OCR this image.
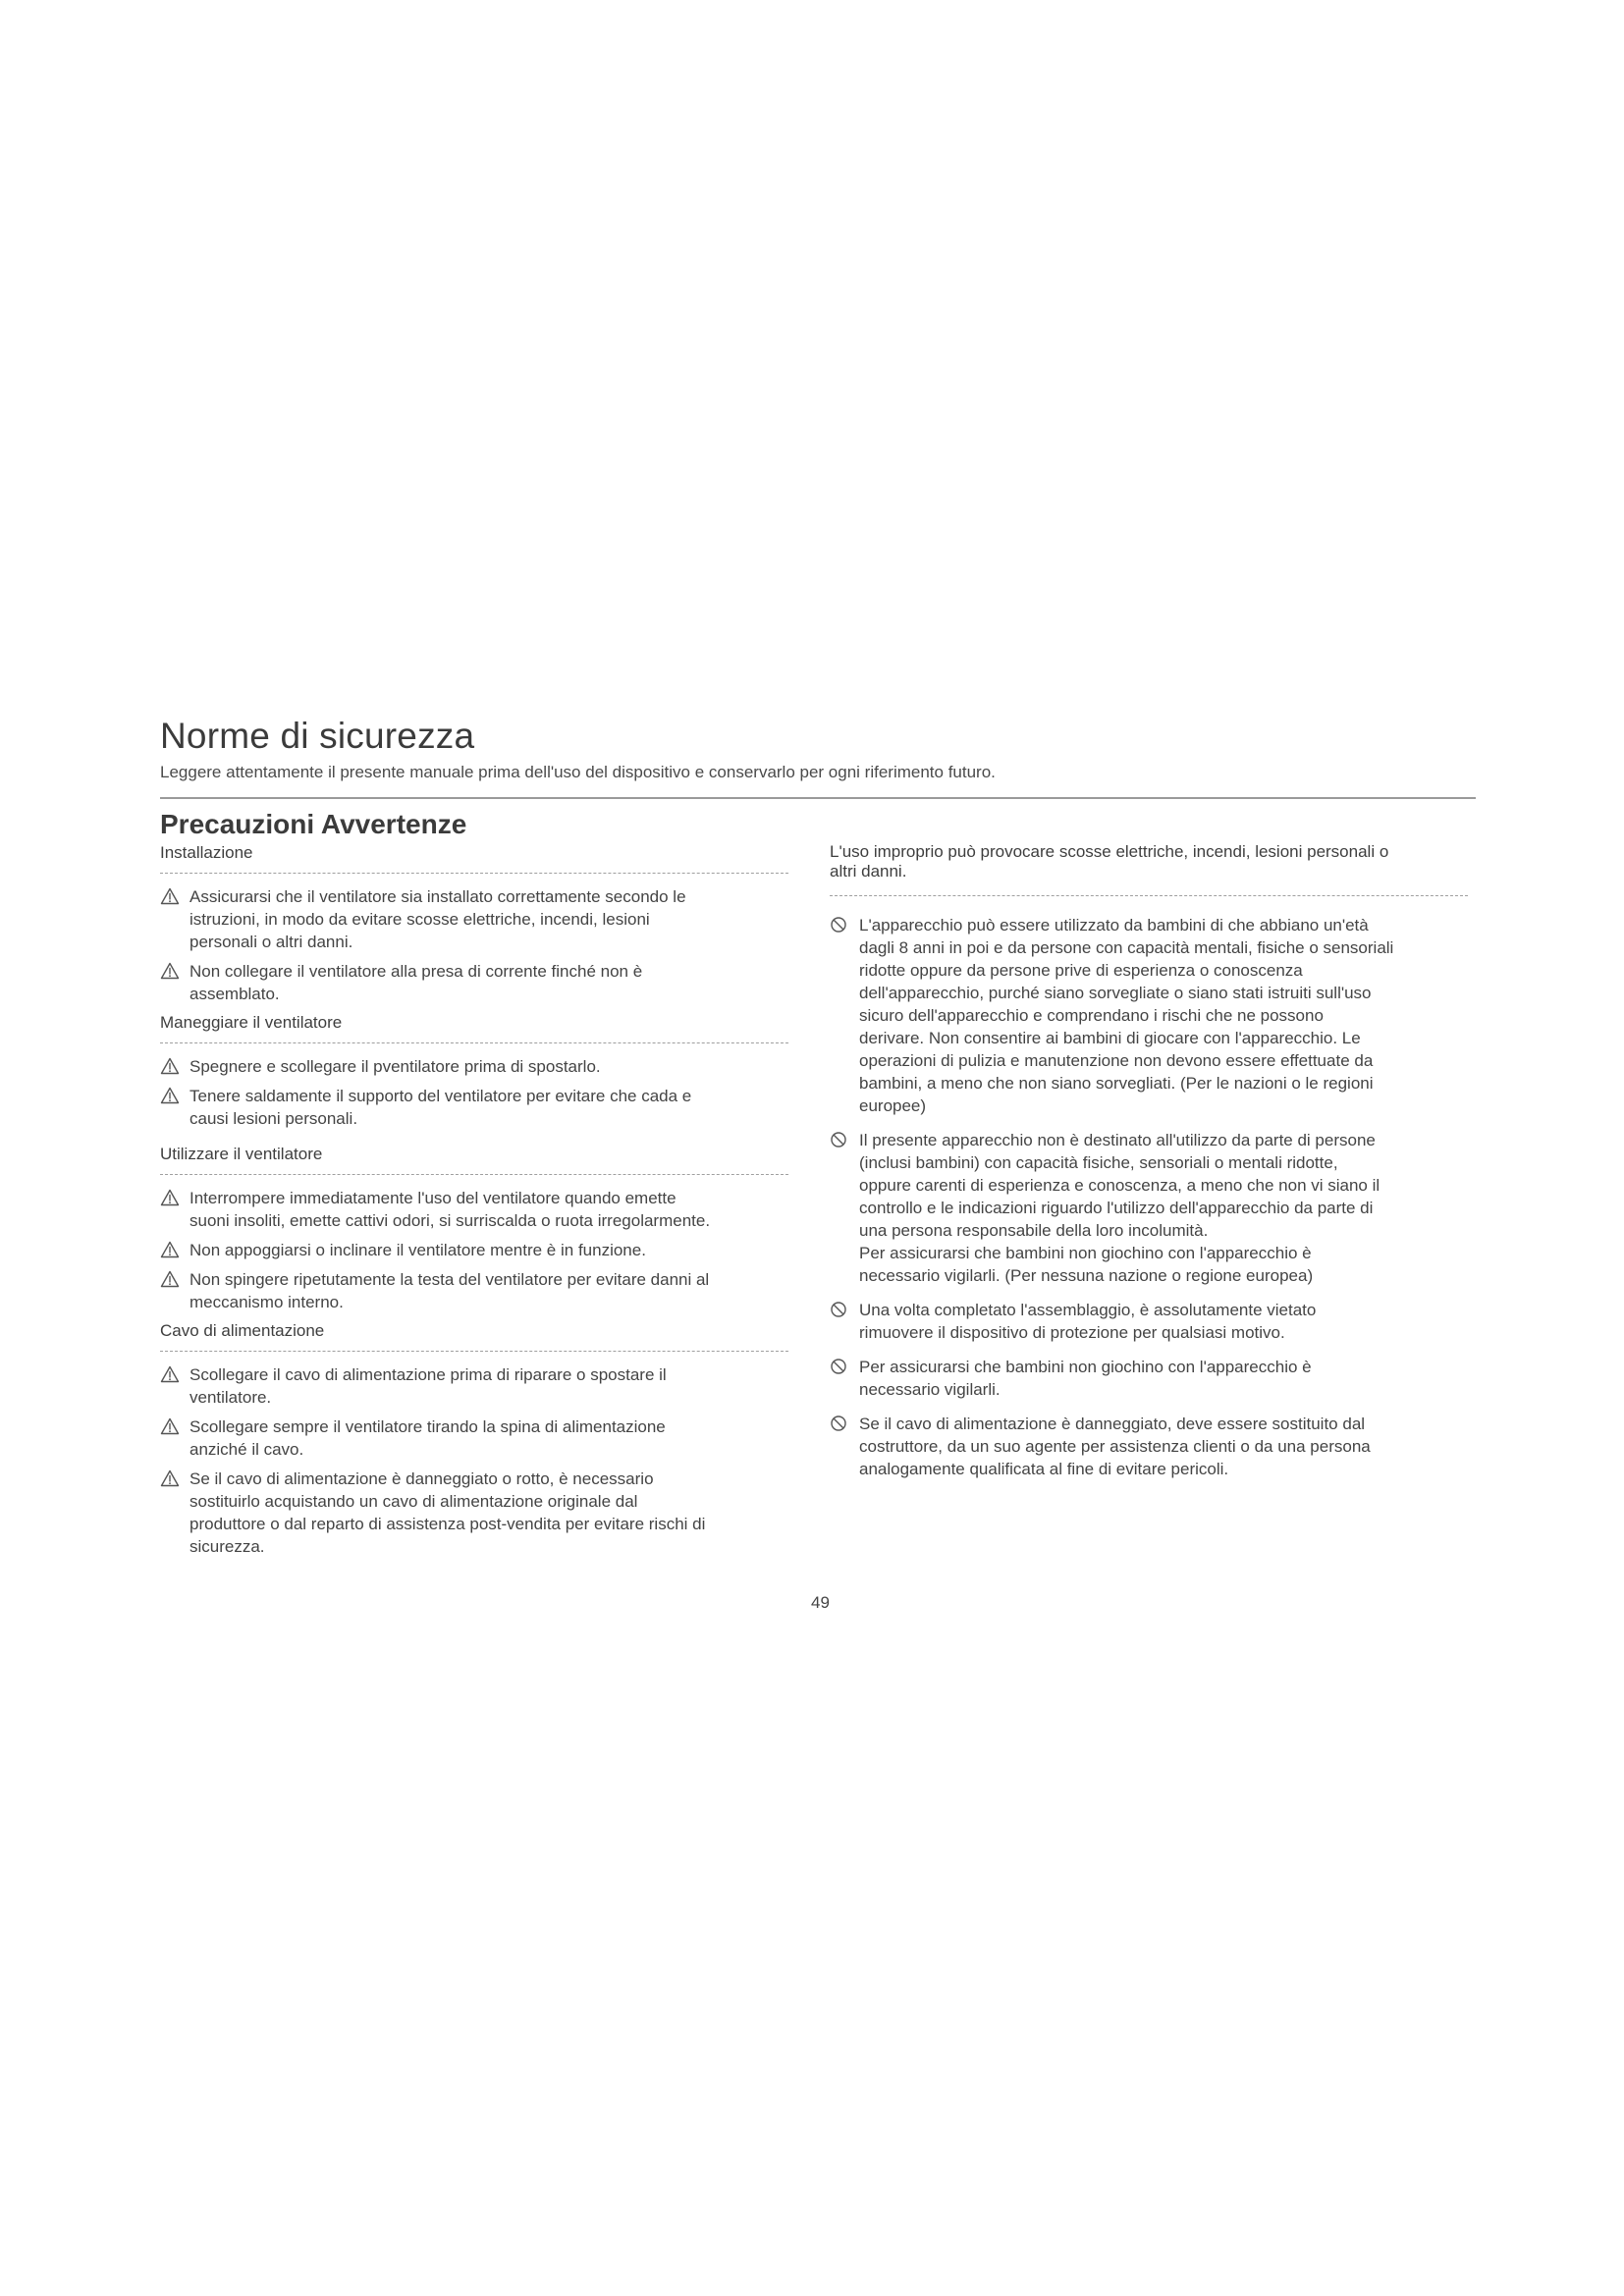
Norme di sicurezza

Leggere attentamente il presente manuale prima dell'uso del dispositivo e conservarlo per ogni riferimento futuro.

Precauzioni Avvertenze

Installazione

Assicurarsi che il ventilatore sia installato correttamente secondo le
istruzioni, in modo da evitare scosse elettriche, incendi, lesioni
personali o altri danni.

Non collegare il ventilatore alla presa di corrente finché non è
assemblato.

Maneggiare il ventilatore

Spegnere e scollegare il pventilatore prima di spostarlo.

Tenere saldamente il supporto del ventilatore per evitare che cada e
causi lesioni personali.

Utilizzare il ventilatore

Interrompere immediatamente l'uso del ventilatore quando emette
suoni insoliti, emette cattivi odori, si surriscalda o ruota irregolarmente.

Non appoggiarsi o inclinare il ventilatore mentre è in funzione.

Non spingere ripetutamente la testa del ventilatore per evitare danni al
meccanismo interno.

Cavo di alimentazione

Scollegare il cavo di alimentazione prima di riparare o spostare il
ventilatore.

Scollegare sempre il ventilatore tirando la spina di alimentazione
anziché il cavo.

Se il cavo di alimentazione è danneggiato o rotto, è necessario
sostituirlo acquistando un cavo di alimentazione originale dal
produttore o dal reparto di assistenza post-vendita per evitare rischi di
sicurezza.

L'uso improprio può provocare scosse elettriche, incendi, lesioni personali o
altri danni.

L'apparecchio può essere utilizzato da bambini di che abbiano un'età
dagli 8 anni in poi e da persone con capacità mentali, fisiche o sensoriali
ridotte oppure da persone prive di esperienza o conoscenza
dell'apparecchio, purché siano sorvegliate o siano stati istruiti sull'uso
sicuro dell'apparecchio e comprendano i rischi che ne possono
derivare. Non consentire ai bambini di giocare con l'apparecchio. Le
operazioni di pulizia e manutenzione non devono essere effettuate da
bambini, a meno che non siano sorvegliati. (Per le nazioni o le regioni
europee)

Il presente apparecchio non è destinato all'utilizzo da parte di persone
(inclusi bambini) con capacità fisiche, sensoriali o mentali ridotte,
oppure carenti di esperienza e conoscenza, a meno che non vi siano il
controllo e le indicazioni riguardo l'utilizzo dell'apparecchio da parte di
una persona responsabile della loro incolumità.
Per assicurarsi che bambini non giochino con l'apparecchio è
necessario vigilarli. (Per nessuna nazione o regione europea)

Una volta completato l'assemblaggio, è assolutamente vietato
rimuovere il dispositivo di protezione per qualsiasi motivo.

Per assicurarsi che bambini non giochino con l'apparecchio è
necessario vigilarli.

Se il cavo di alimentazione è danneggiato, deve essere sostituito dal
costruttore, da un suo agente per assistenza clienti o da una persona
analogamente qualificata al fine di evitare pericoli.

49
